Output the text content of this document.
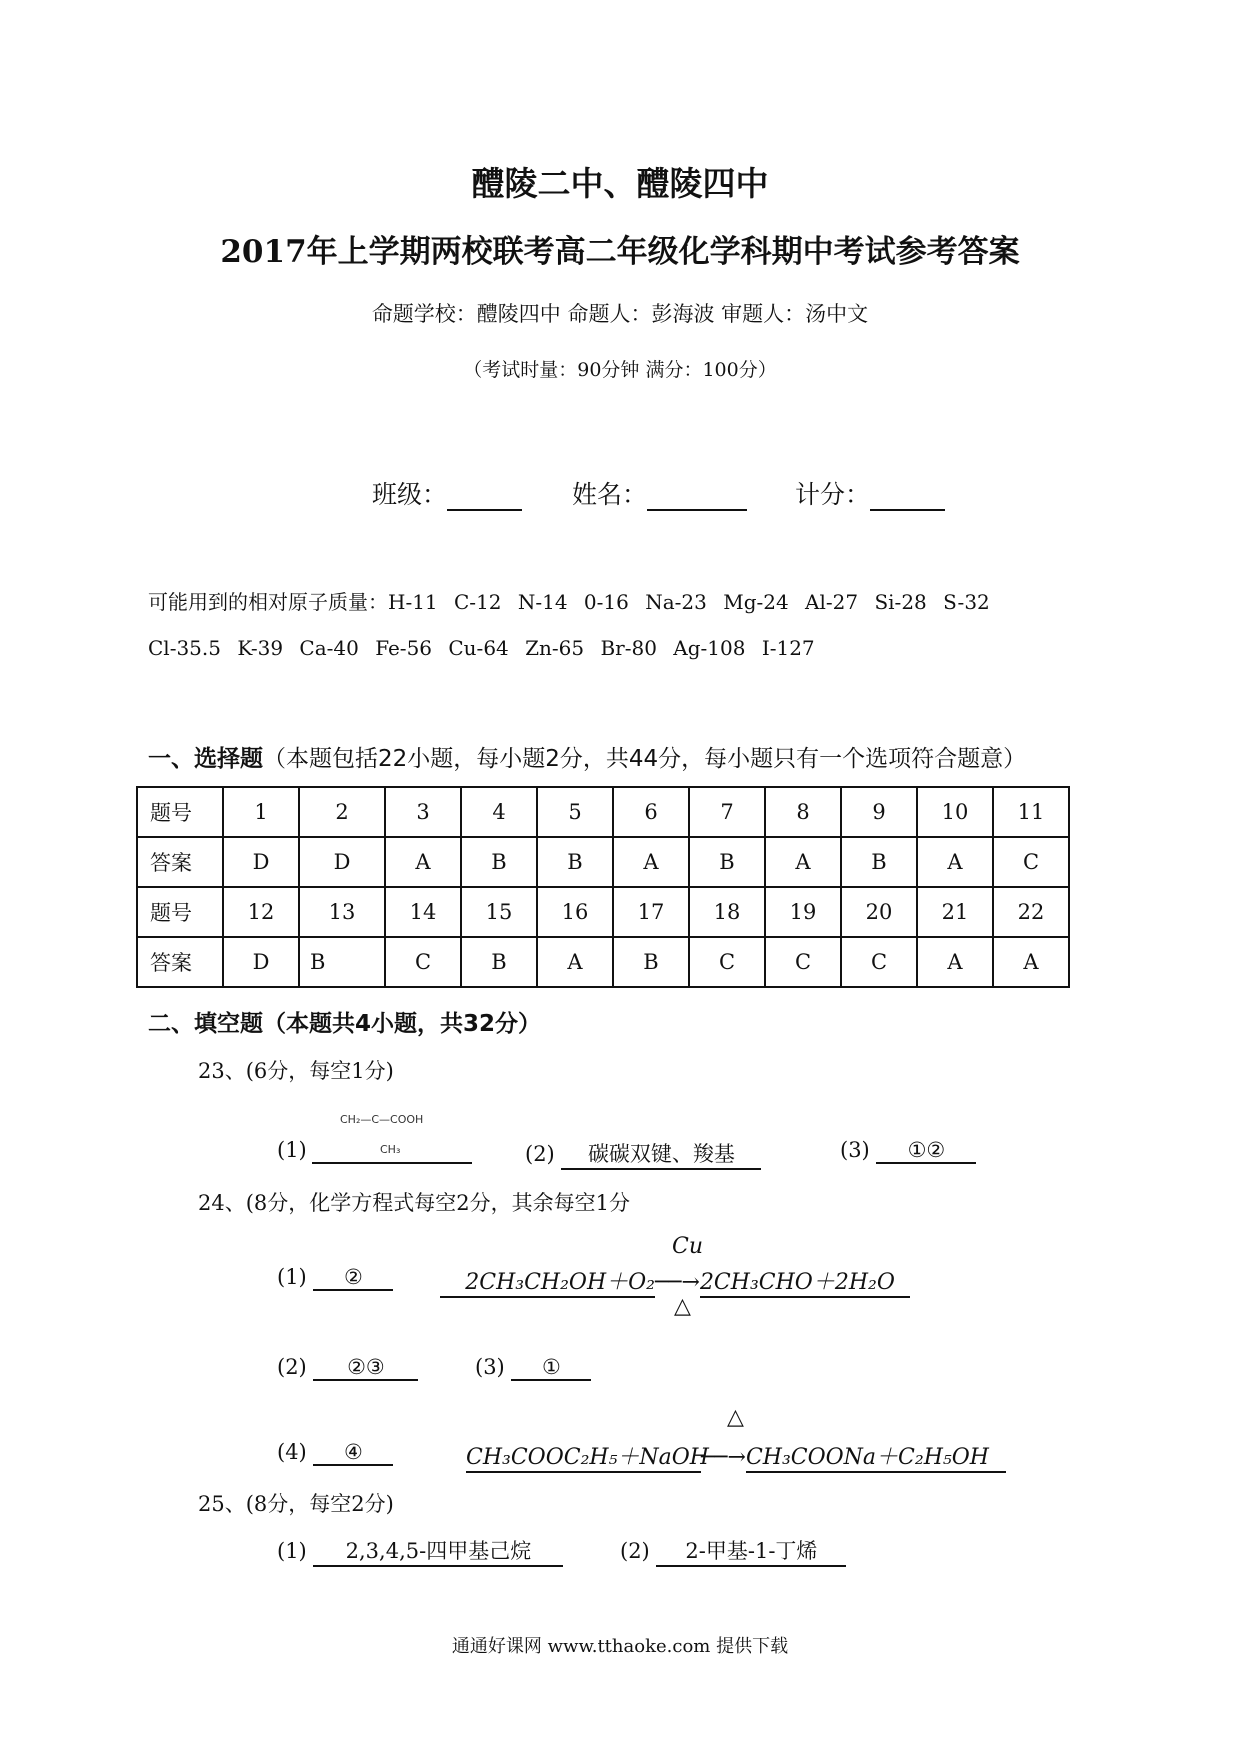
醴陵二中、醴陵四中
2017年上学期两校联考高二年级化学科期中考试参考答案
命题学校：醴陵四中 命题人：彭海波 审题人：汤中文
（考试时量：90分钟 满分：100分）
班级：	姓名：	计分：
可能用到的相对原子质量：H-11 C-12 N-14 0-16 Na-23 Mg-24 Al-27 Si-28 S-32
Cl-35.5 K-39 Ca-40 Fe-56 Cu-64 Zn-65 Br-80 Ag-108 I-127
一、选择题（本题包括22小题，每小题2分，共44分，每小题只有一个选项符合题意）
题号	1	2	3	4	5	6	7	8	9	10	11
答案	D	D	A	B	B	A	B	A	B	A	C
题号	12	13	14	15	16	17	18	19	20	21	22
答案	D	B	C	B	A	B	C	C	C	A	A
二、填空题（本题共4小题，共32分）
23、(6分，每空1分)
CH₂—C—COOH
CH₃
(1)	(2) 碳碳双键、羧基	(3) ①②
24、(8分，化学方程式每空2分，其余每空1分
(1) ②
Cu
△
2CH₃CH₂OH＋O₂──→2CH₃CHO＋2H₂O
(2) ②③	(3) ①
△
(4) ④	CH₃COOC₂H₅＋NaOH──→CH₃COONa＋C₂H₅OH
25、(8分，每空2分)
(1) 2,3,4,5-四甲基己烷	(2) 2-甲基-1-丁烯
通通好课网 www.tthaoke.com 提供下载
